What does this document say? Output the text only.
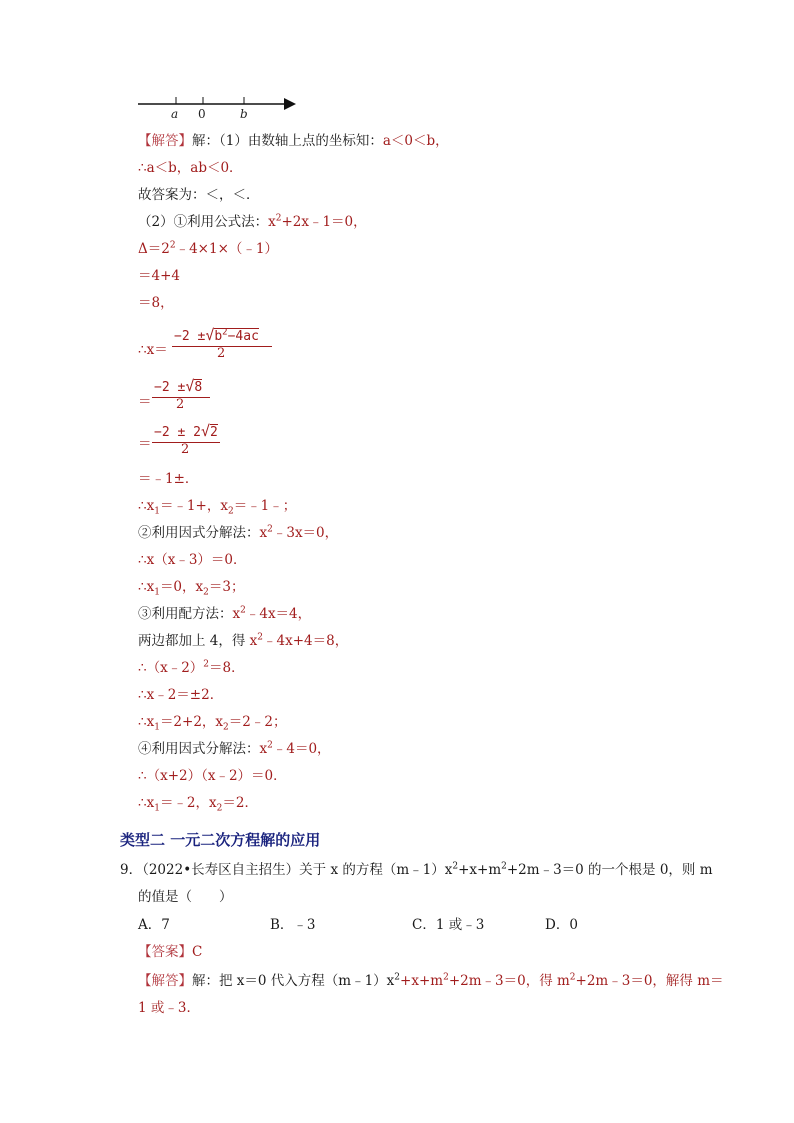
a 0	b
【解答】解：（1）由数轴上点的坐标知：a＜0＜b，
∴a＜b，ab＜0．
故答案为：＜，＜．
（2）①利用公式法：$x^2+2x﹣1=0$，
$\Delta=2^2﹣4\times 1\times(﹣1)$
＝4+4
＝8，
∴x＝
$-2 \pm√b^2-4ac$
2
＝
−2 ±√8
2
＝
−2 ± 2√2
2
＝﹣1±．
$\therefore x_1=﹣1+$，$x_2=﹣1﹣$；
②利用因式分解法：$x^2﹣3x=0$，
∴x（x﹣3）＝0．
$\therefore x_1=0$，$x_2=3$；
③利用配方法：$x^2﹣4x=4$，
两边都加上 4，得 $x^2﹣4x+4=8$，
∴（x﹣2）$^2$＝8．
∴x﹣2＝±2．
$\therefore x_1=2+2$，$x_2=2﹣2$；
④利用因式分解法：$x^2﹣4=0$，
∴（x+2）（x﹣2）＝0．
$\therefore x_1=﹣2$，$x_2=2$．
类型二 一元二次方程解的应用
9．（2022•长寿区自主招生）关于 x 的方程$(m﹣1)x^2+x+m^2+2m﹣3=0$ 的一个根是 0，则 m
的值是（　　）
A．7	B．﹣3	C．1 或﹣3	D．0
【答案】C
【解答】解：把 x＝0 代入方程$(m﹣1)x^2+x+m^2+2m﹣3=0$，得 $m^2+2m﹣3=0$，解得 m＝
1 或﹣3．
